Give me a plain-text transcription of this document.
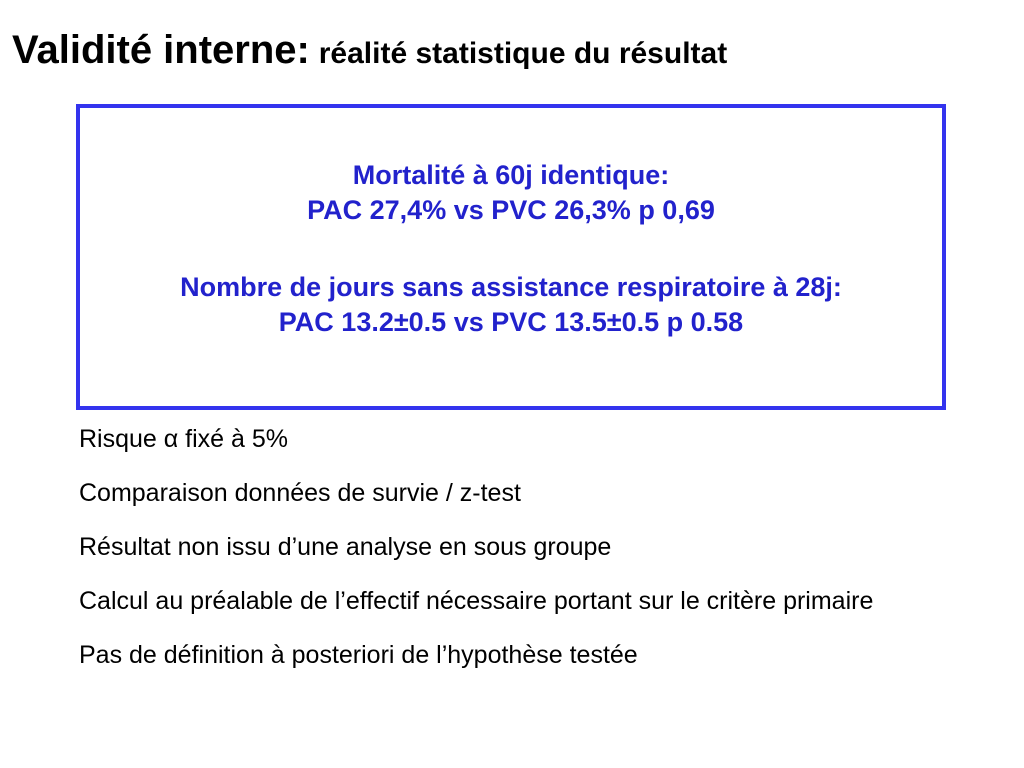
Validité interne: réalité statistique du résultat

Mortalité à 60j identique:
PAC 27,4% vs PVC 26,3% p 0,69

Nombre de jours sans assistance respiratoire à 28j:
PAC 13.2±0.5 vs PVC 13.5±0.5 p 0.58

Risque α fixé à 5%
Comparaison données de survie / z-test
Résultat non issu d’une analyse en sous groupe
Calcul au préalable de l’effectif nécessaire portant sur le critère primaire
Pas de définition à posteriori de l’hypothèse testée
